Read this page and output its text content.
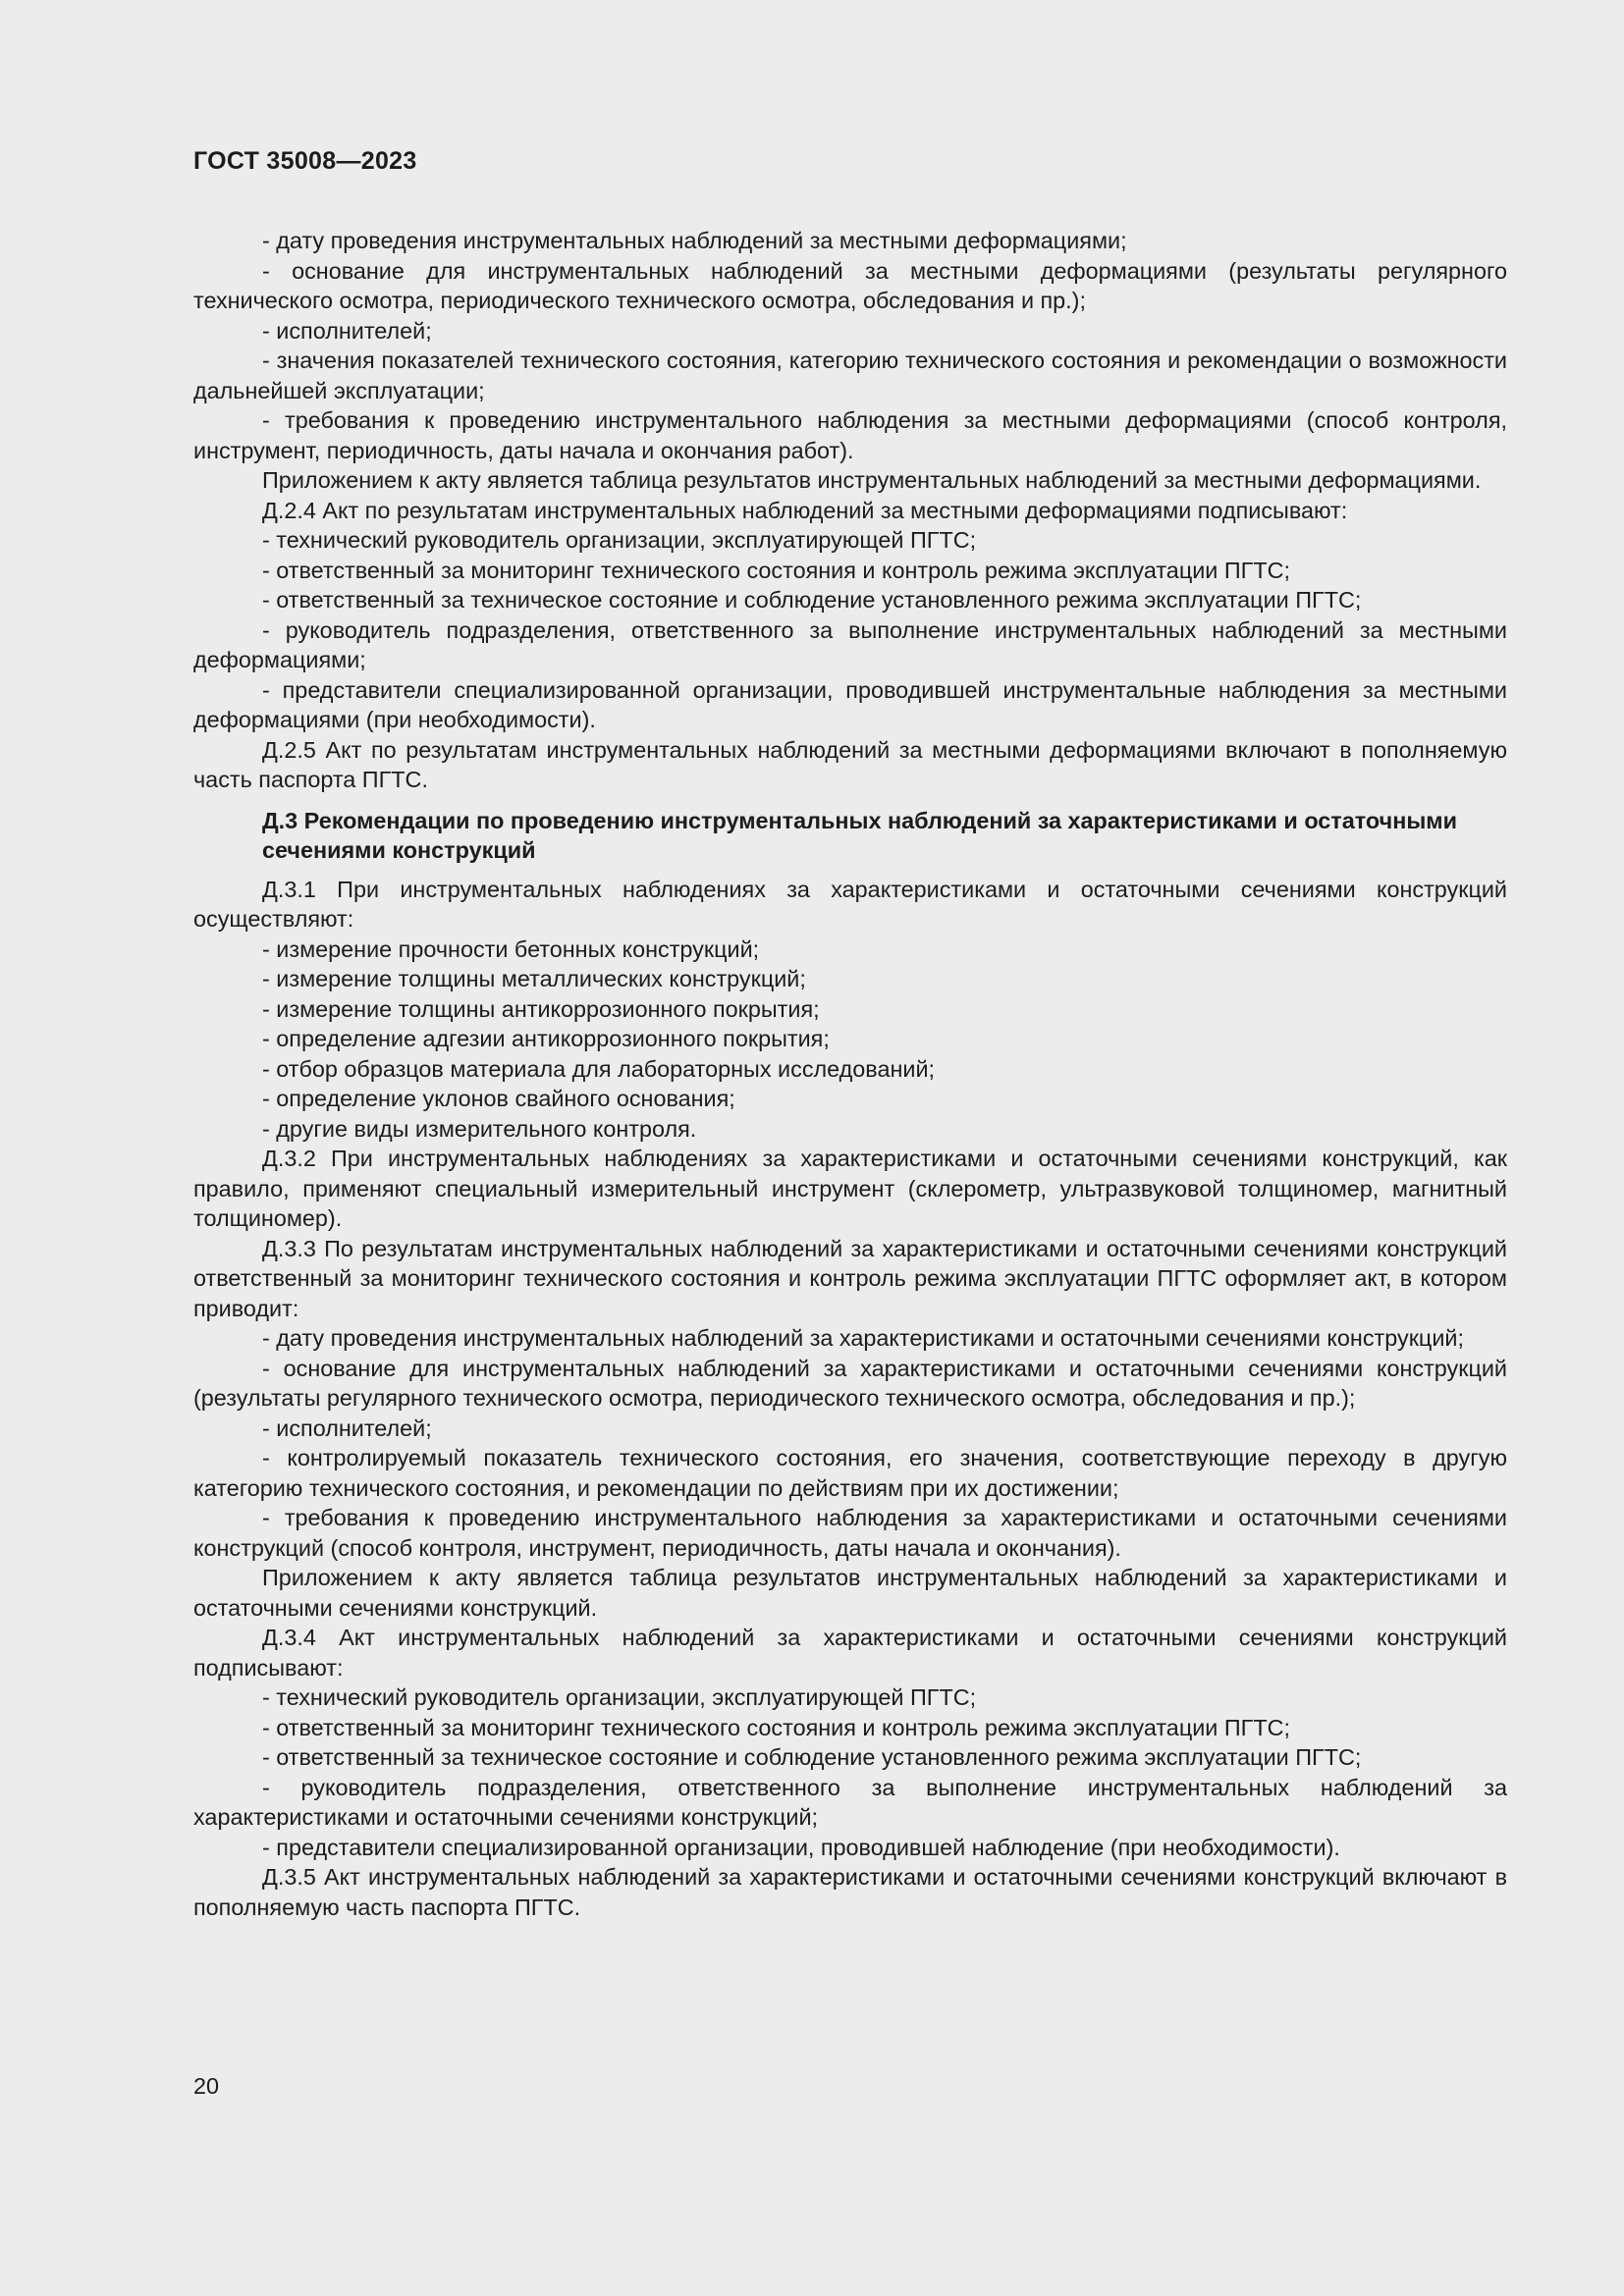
ГОСТ 35008—2023

- дату проведения инструментальных наблюдений за местными деформациями;

- основание для инструментальных наблюдений за местными деформациями (результаты регулярного технического осмотра, периодического технического осмотра, обследования и пр.);

- исполнителей;

- значения показателей технического состояния, категорию технического состояния и рекомендации о возможности дальнейшей эксплуатации;

- требования к проведению инструментального наблюдения за местными деформациями (способ контроля, инструмент, периодичность, даты начала и окончания работ).

Приложением к акту является таблица результатов инструментальных наблюдений за местными деформациями.

Д.2.4 Акт по результатам инструментальных наблюдений за местными деформациями подписывают:

- технический руководитель организации, эксплуатирующей ПГТС;

- ответственный за мониторинг технического состояния и контроль режима эксплуатации ПГТС;

- ответственный за техническое состояние и соблюдение установленного режима эксплуатации ПГТС;

- руководитель подразделения, ответственного за выполнение инструментальных наблюдений за местными деформациями;

- представители специализированной организации, проводившей инструментальные наблюдения за местными деформациями (при необходимости).

Д.2.5 Акт по результатам инструментальных наблюдений за местными деформациями включают в пополняемую часть паспорта ПГТС.

Д.3 Рекомендации по проведению инструментальных наблюдений за характеристиками и остаточными сечениями конструкций

Д.3.1 При инструментальных наблюдениях за характеристиками и остаточными сечениями конструкций осуществляют:

- измерение прочности бетонных конструкций;

- измерение толщины металлических конструкций;

- измерение толщины антикоррозионного покрытия;

- определение адгезии антикоррозионного покрытия;

- отбор образцов материала для лабораторных исследований;

- определение уклонов свайного основания;

- другие виды измерительного контроля.

Д.3.2 При инструментальных наблюдениях за характеристиками и остаточными сечениями конструкций, как правило, применяют специальный измерительный инструмент (склерометр, ультразвуковой толщиномер, магнитный толщиномер).

Д.3.3 По результатам инструментальных наблюдений за характеристиками и остаточными сечениями конструкций ответственный за мониторинг технического состояния и контроль режима эксплуатации ПГТС оформляет акт, в котором приводит:

- дату проведения инструментальных наблюдений за характеристиками и остаточными сечениями конструкций;

- основание для инструментальных наблюдений за характеристиками и остаточными сечениями конструкций (результаты регулярного технического осмотра, периодического технического осмотра, обследования и пр.);

- исполнителей;

- контролируемый показатель технического состояния, его значения, соответствующие переходу в другую категорию технического состояния, и рекомендации по действиям при их достижении;

- требования к проведению инструментального наблюдения за характеристиками и остаточными сечениями конструкций (способ контроля, инструмент, периодичность, даты начала и окончания).

Приложением к акту является таблица результатов инструментальных наблюдений за характеристиками и остаточными сечениями конструкций.

Д.3.4 Акт инструментальных наблюдений за характеристиками и остаточными сечениями конструкций подписывают:

- технический руководитель организации, эксплуатирующей ПГТС;

- ответственный за мониторинг технического состояния и контроль режима эксплуатации ПГТС;

- ответственный за техническое состояние и соблюдение установленного режима эксплуатации ПГТС;

- руководитель подразделения, ответственного за выполнение инструментальных наблюдений за характеристиками и остаточными сечениями конструкций;

- представители специализированной организации, проводившей наблюдение (при необходимости).

Д.3.5 Акт инструментальных наблюдений за характеристиками и остаточными сечениями конструкций включают в пополняемую часть паспорта ПГТС.

20
